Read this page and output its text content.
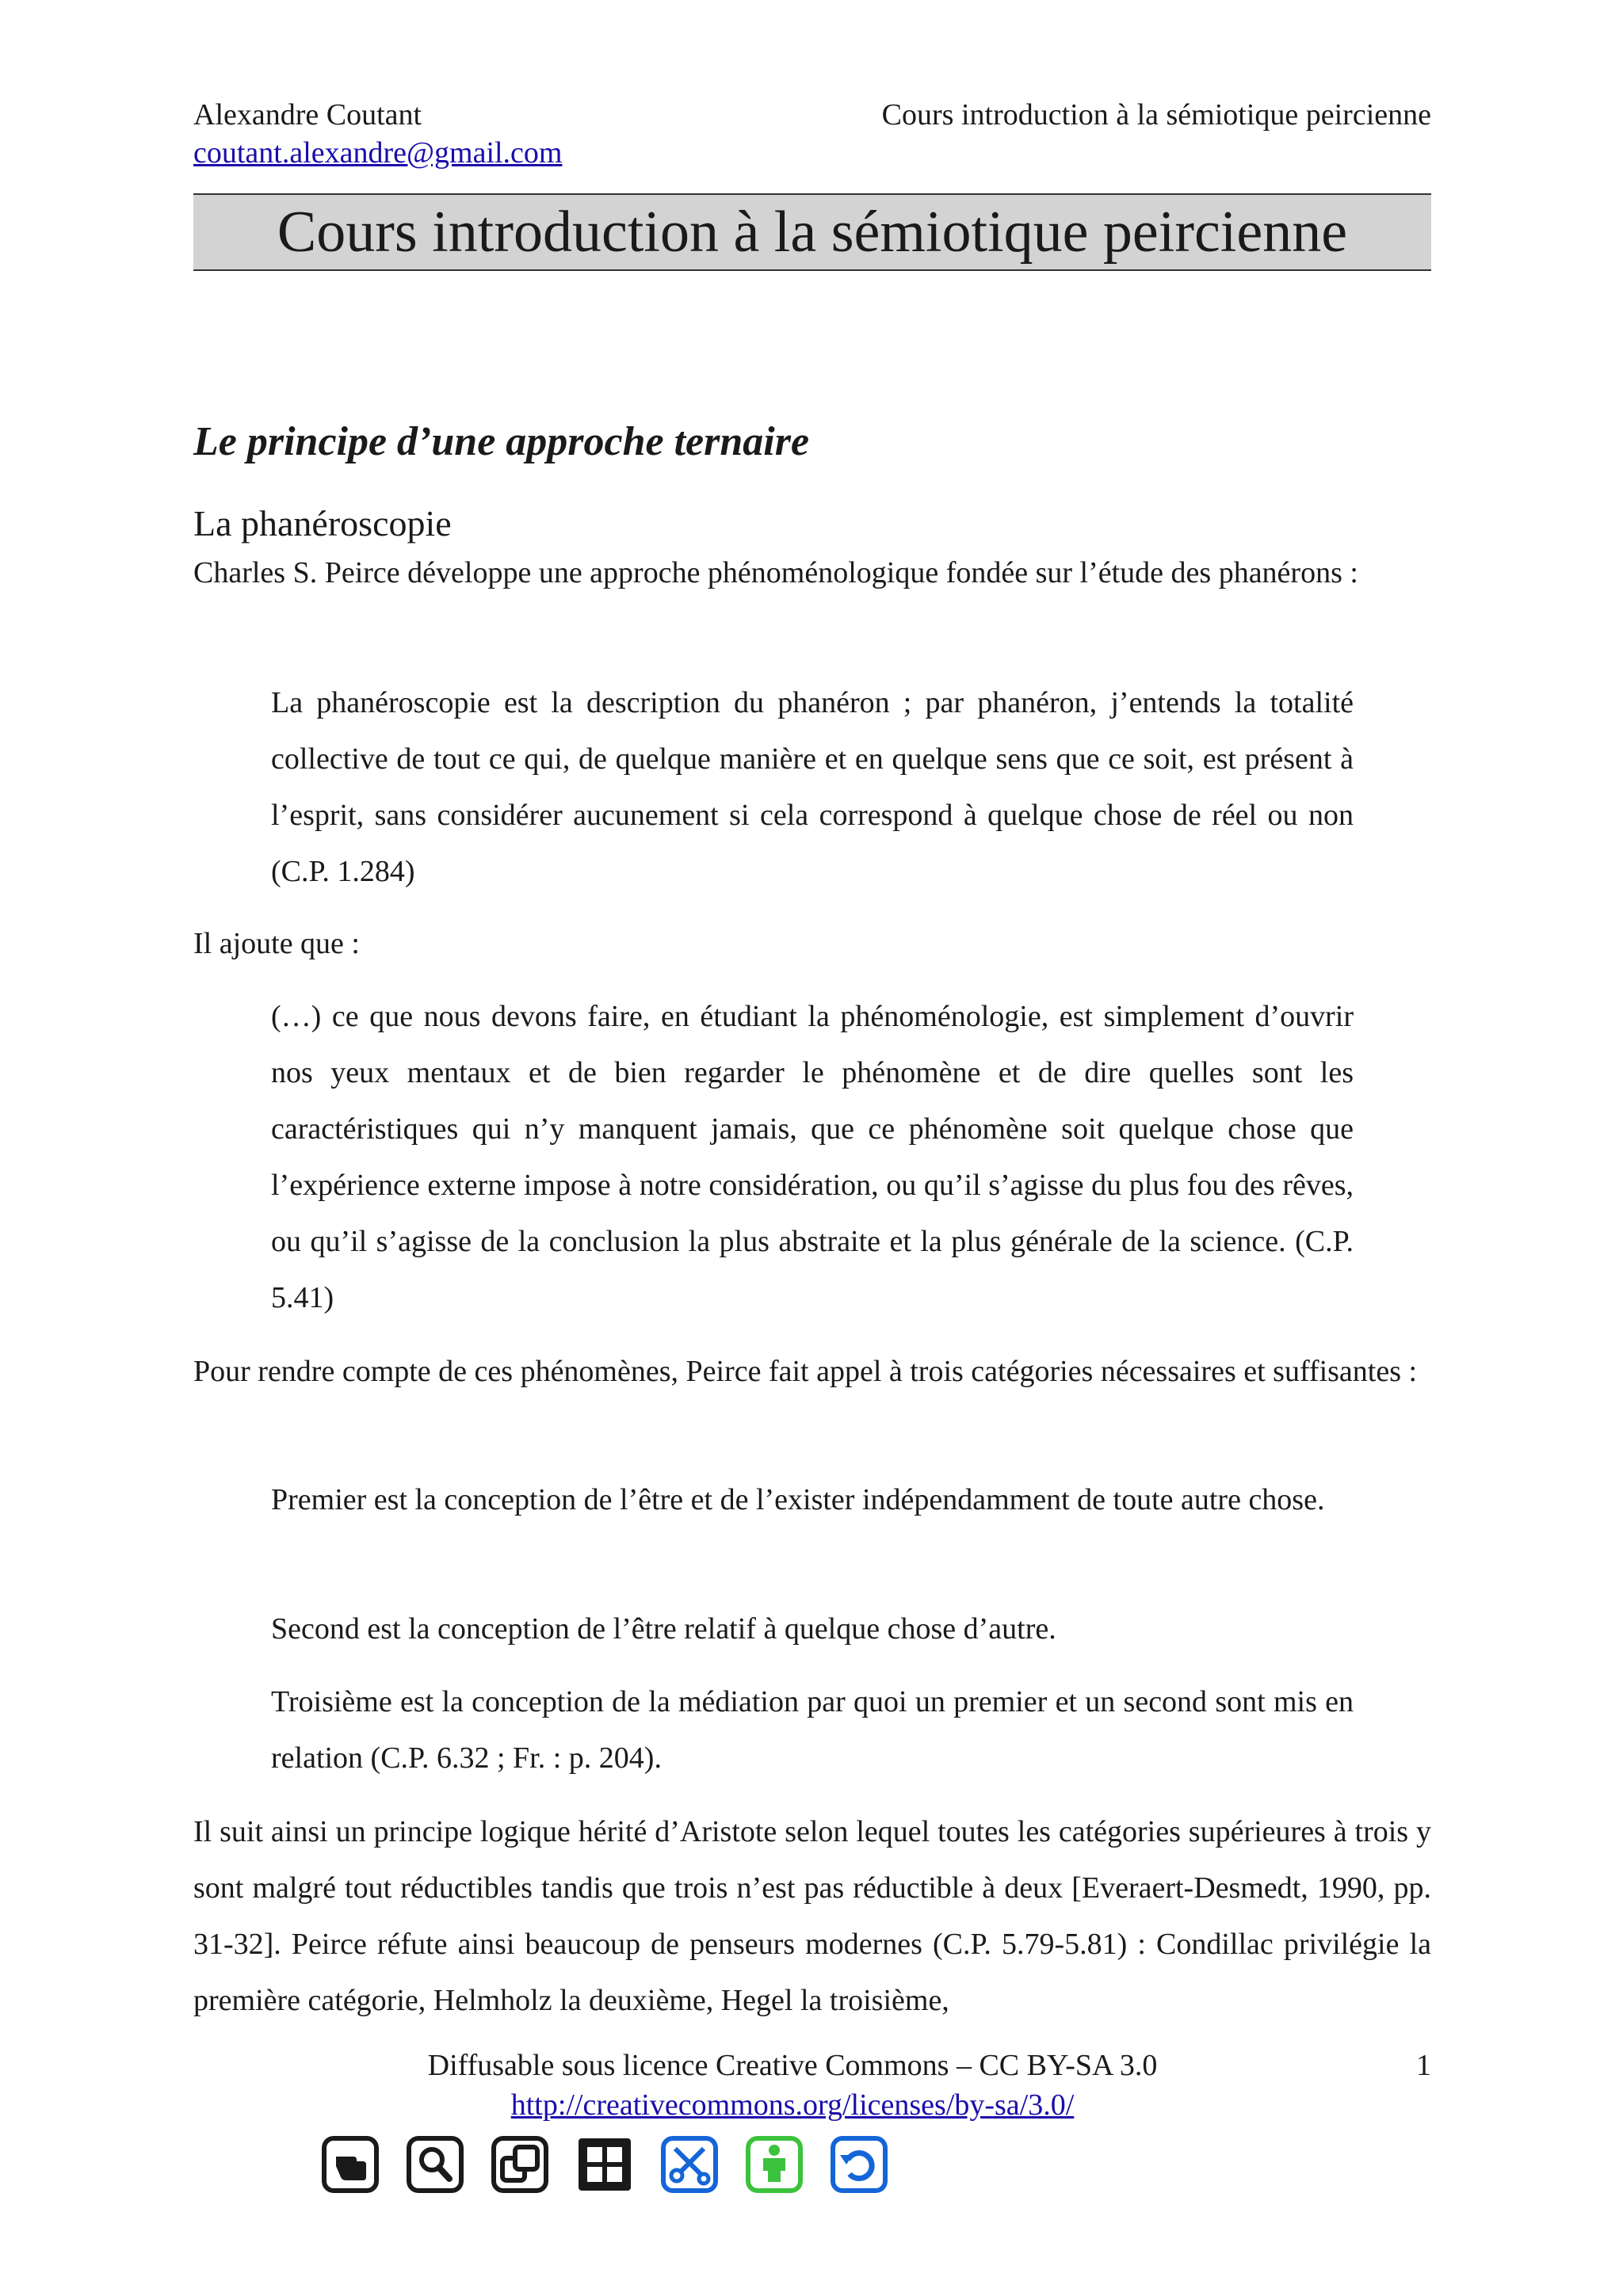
Alexandre Coutant
coutant.alexandre@gmail.com
Cours introduction à la sémiotique peircienne
Cours introduction à la sémiotique peircienne
Le principe d’une approche ternaire
La phanéroscopie

Charles S. Peirce développe une approche phénoménologique fondée sur l’étude des phanérons :

La phanéroscopie est la description du phanéron ; par phanéron, j’entends la totalité collective de tout ce qui, de quelque manière et en quelque sens que ce soit, est présent à l’esprit, sans considérer aucunement si cela correspond à quelque chose de réel ou non (C.P. 1.284)

Il ajoute que :

(…) ce que nous devons faire, en étudiant la phénoménologie, est simplement d’ouvrir nos yeux mentaux et de bien regarder le phénomène et de dire quelles sont les caractéristiques qui n’y manquent jamais, que ce phénomène soit quelque chose que l’expérience externe impose à notre considération, ou qu’il s’agisse du plus fou des rêves, ou qu’il s’agisse de la conclusion la plus abstraite et la plus générale de la science. (C.P. 5.41)

Pour rendre compte de ces phénomènes, Peirce fait appel à trois catégories nécessaires et suffisantes :

Premier est la conception de l’être et de l’exister indépendamment de toute autre chose.

Second est la conception de l’être relatif à quelque chose d’autre.

Troisième est la conception de la médiation par quoi un premier et un second sont mis en relation (C.P. 6.32 ; Fr. : p. 204).

Il suit ainsi un principe logique hérité d’Aristote selon lequel toutes les catégories supérieures à trois y sont malgré tout réductibles tandis que trois n’est pas réductible à deux [Everaert-Desmedt, 1990, pp. 31-32]. Peirce réfute ainsi beaucoup de penseurs modernes (C.P. 5.79-5.81) : Condillac privilégie la première catégorie, Helmholz la deuxième, Hegel la troisième,

Diffusable sous licence Creative Commons – CC BY-SA 3.0
http://creativecommons.org/licenses/by-sa/3.0/
1
